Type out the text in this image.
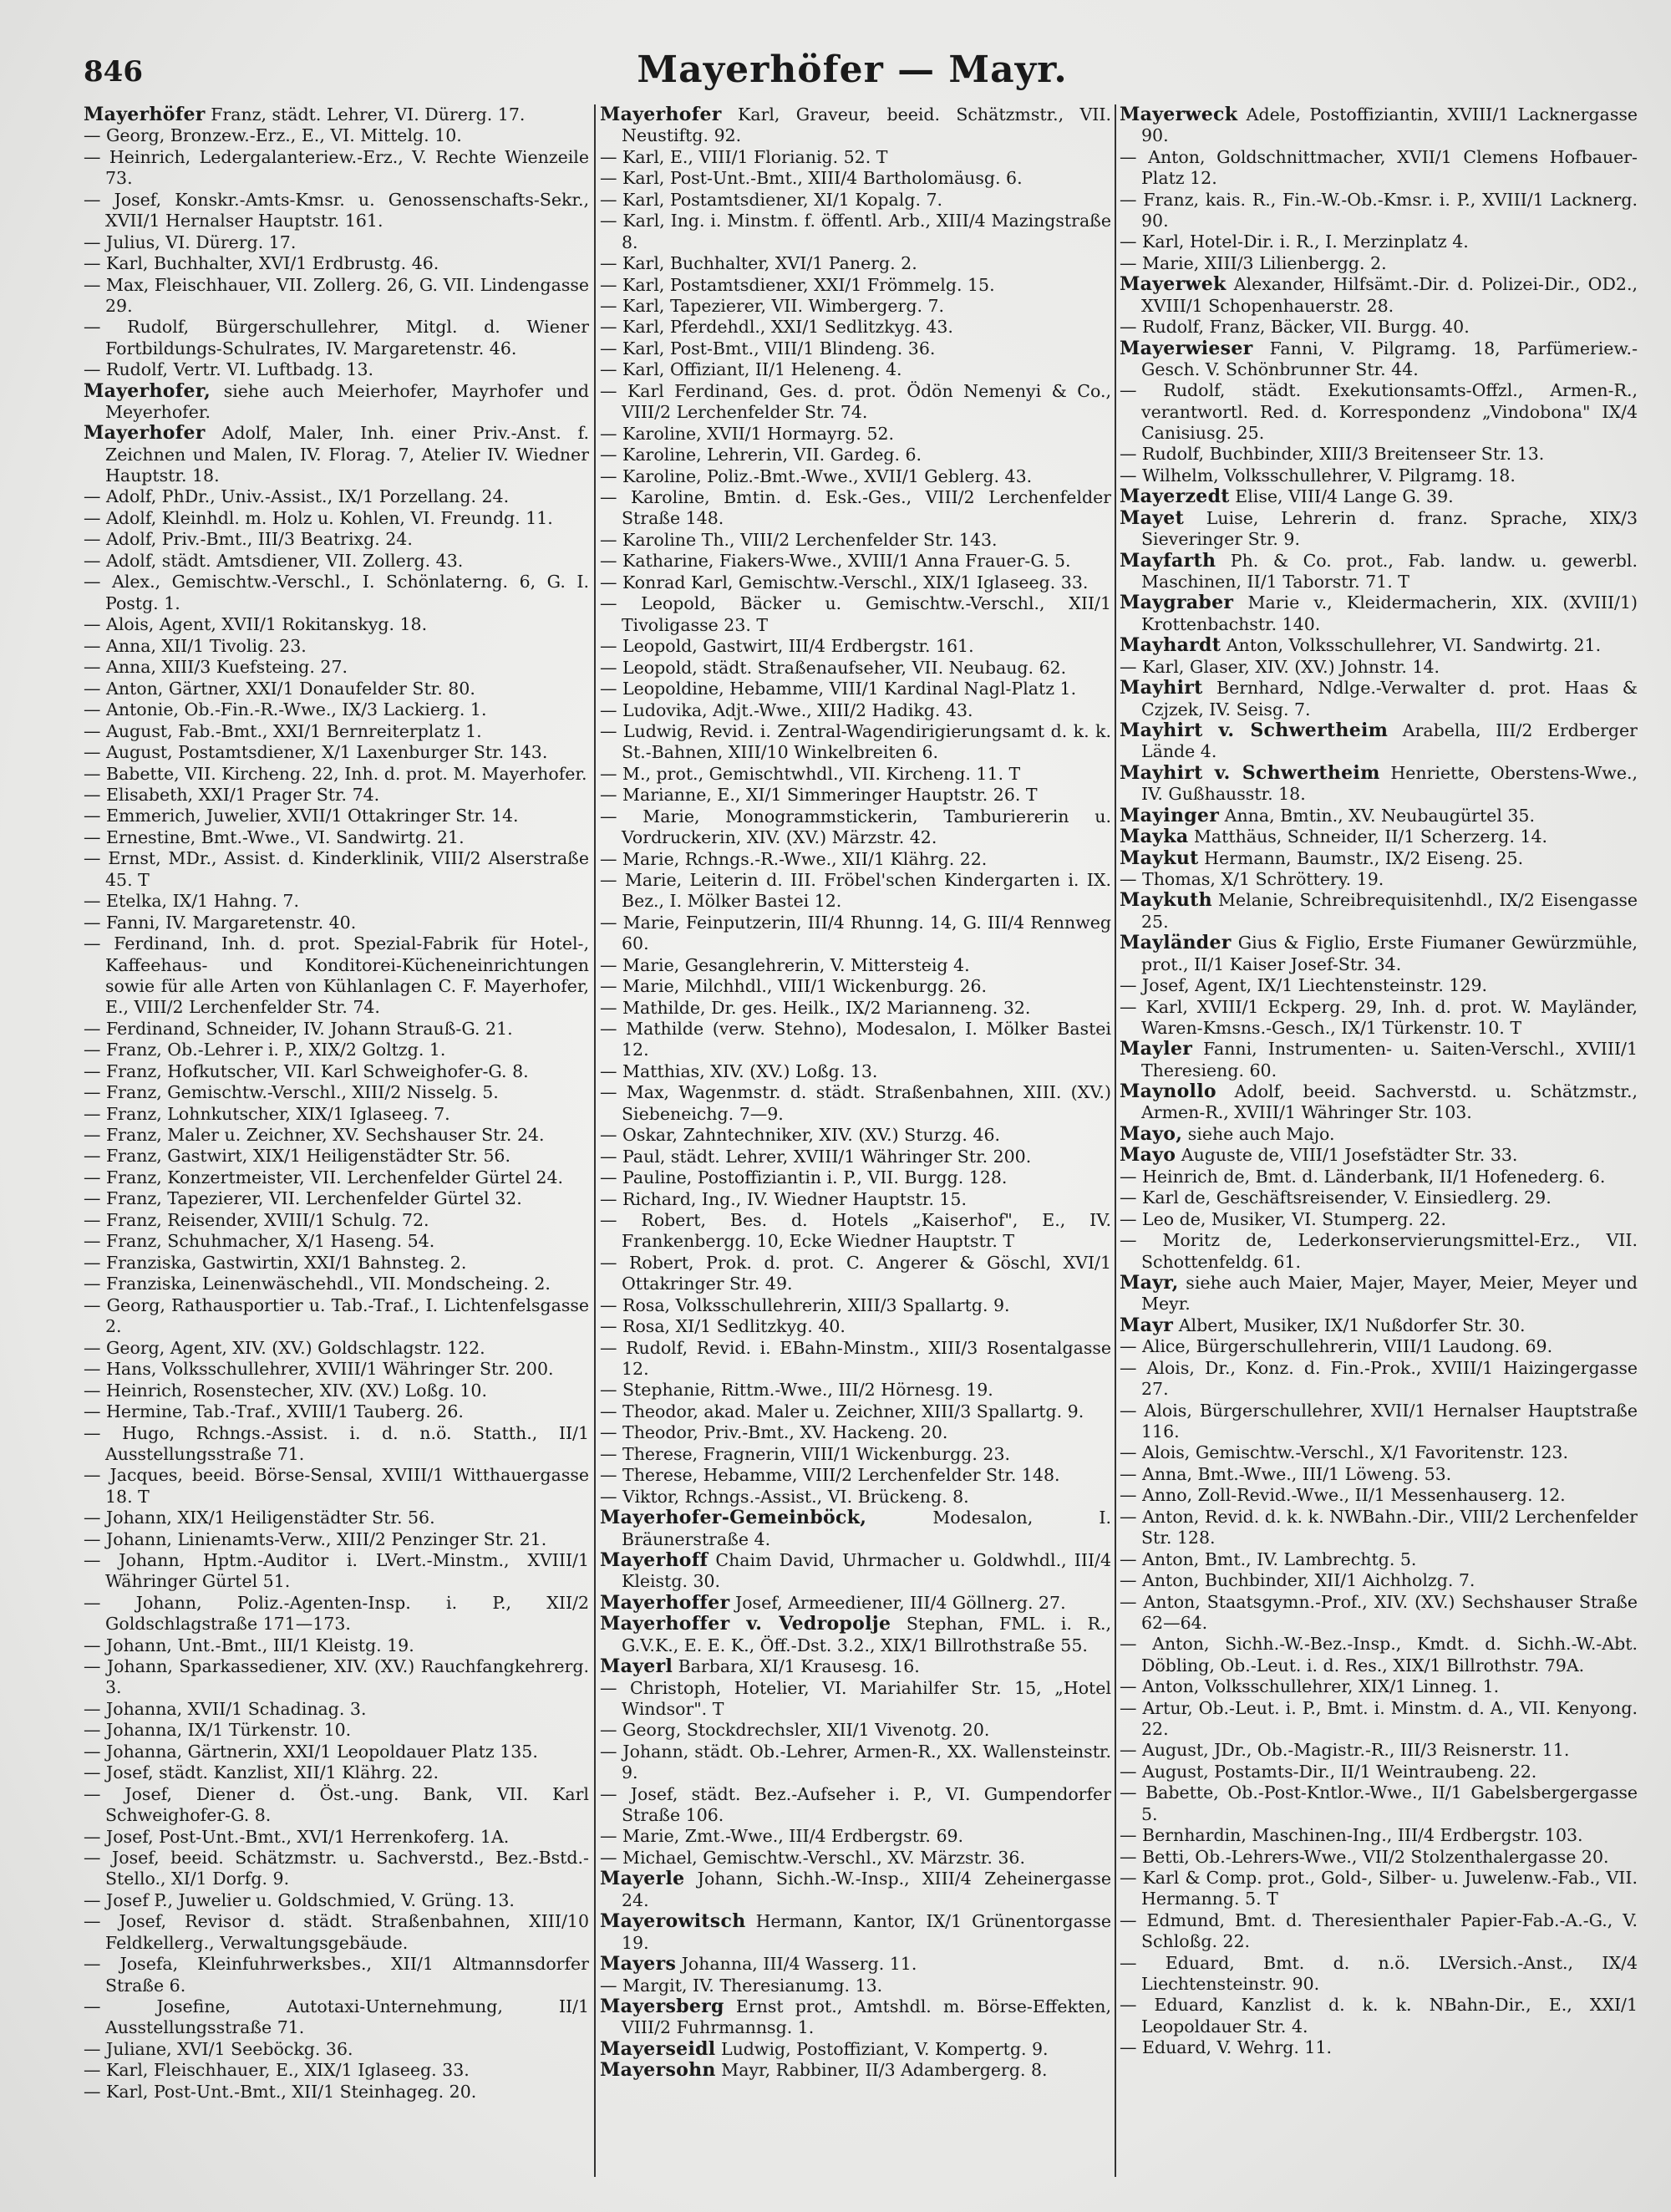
846	Mayerhöfer — Mayr.
Mayerhöfer Franz, städt. Lehrer, VI. Dürerg. 17.
— Georg, Bronzew.-Erz., E., VI. Mittelg. 10.
— Heinrich, Ledergalanteriew.-Erz., V. Rechte Wienzeile 73.
— Josef, Konskr.-Amts-Kmsr. u. Genossenschafts-Sekr., XVII/1 Hernalser Hauptstr. 161.
— Julius, VI. Dürerg. 17.
— Karl, Buchhalter, XVI/1 Erdbrustg. 46.
— Max, Fleischhauer, VII. Zollerg. 26, G. VII. Lindengasse 29.
— Rudolf, Bürgerschullehrer, Mitgl. d. Wiener Fortbildungs-Schulrates, IV. Margaretenstr. 46.
— Rudolf, Vertr. VI. Luftbadg. 13.
Mayerhofer, siehe auch Meierhofer, Mayrhofer und Meyerhofer.
Mayerhofer Adolf, Maler, Inh. einer Priv.-Anst. f. Zeichnen und Malen, IV. Florag. 7, Atelier IV. Wiedner Hauptstr. 18.
— Adolf, PhDr., Univ.-Assist., IX/1 Porzellang. 24.
— Adolf, Kleinhdl. m. Holz u. Kohlen, VI. Freundg. 11.
— Adolf, Priv.-Bmt., III/3 Beatrixg. 24.
— Adolf, städt. Amtsdiener, VII. Zollerg. 43.
— Alex., Gemischtw.-Verschl., I. Schönlaterng. 6, G. I. Postg. 1.
— Alois, Agent, XVII/1 Rokitanskyg. 18.
— Anna, XII/1 Tivolig. 23.
— Anna, XIII/3 Kuefsteing. 27.
— Anton, Gärtner, XXI/1 Donaufelder Str. 80.
— Antonie, Ob.-Fin.-R.-Wwe., IX/3 Lackierg. 1.
— August, Fab.-Bmt., XXI/1 Bernreiterplatz 1.
— August, Postamtsdiener, X/1 Laxenburger Str. 143.
— Babette, VII. Kircheng. 22, Inh. d. prot. M. Mayerhofer.
— Elisabeth, XXI/1 Prager Str. 74.
— Emmerich, Juwelier, XVII/1 Ottakringer Str. 14.
— Ernestine, Bmt.-Wwe., VI. Sandwirtg. 21.
— Ernst, MDr., Assist. d. Kinderklinik, VIII/2 Alserstraße 45. T
— Etelka, IX/1 Hahng. 7.
— Fanni, IV. Margaretenstr. 40.
— Ferdinand, Inh. d. prot. Spezial-Fabrik für Hotel-, Kaffeehaus- und Konditorei-Kücheneinrichtungen sowie für alle Arten von Kühlanlagen C. F. Mayerhofer, E., VIII/2 Lerchenfelder Str. 74.
— Ferdinand, Schneider, IV. Johann Strauß-G. 21.
— Franz, Ob.-Lehrer i. P., XIX/2 Goltzg. 1.
— Franz, Hofkutscher, VII. Karl Schweighofer-G. 8.
— Franz, Gemischtw.-Verschl., XIII/2 Nisselg. 5.
— Franz, Lohnkutscher, XIX/1 Iglaseeg. 7.
— Franz, Maler u. Zeichner, XV. Sechshauser Str. 24.
— Franz, Gastwirt, XIX/1 Heiligenstädter Str. 56.
— Franz, Konzertmeister, VII. Lerchenfelder Gürtel 24.
— Franz, Tapezierer, VII. Lerchenfelder Gürtel 32.
— Franz, Reisender, XVIII/1 Schulg. 72.
— Franz, Schuhmacher, X/1 Haseng. 54.
— Franziska, Gastwirtin, XXI/1 Bahnsteg. 2.
— Franziska, Leinenwäschehdl., VII. Mondscheing. 2.
— Georg, Rathausportier u. Tab.-Traf., I. Lichtenfelsgasse 2.
— Georg, Agent, XIV. (XV.) Goldschlagstr. 122.
— Hans, Volksschullehrer, XVIII/1 Währinger Str. 200.
— Heinrich, Rosenstecher, XIV. (XV.) Loßg. 10.
— Hermine, Tab.-Traf., XVIII/1 Tauberg. 26.
— Hugo, Rchngs.-Assist. i. d. n.ö. Statth., II/1 Ausstellungsstraße 71.
— Jacques, beeid. Börse-Sensal, XVIII/1 Witthauergasse 18. T
— Johann, XIX/1 Heiligenstädter Str. 56.
— Johann, Linienamts-Verw., XIII/2 Penzinger Str. 21.
— Johann, Hptm.-Auditor i. LVert.-Minstm., XVIII/1 Währinger Gürtel 51.
— Johann, Poliz.-Agenten-Insp. i. P., XII/2 Goldschlagstraße 171—173.
— Johann, Unt.-Bmt., III/1 Kleistg. 19.
— Johann, Sparkassediener, XIV. (XV.) Rauchfangkehrerg. 3.
— Johanna, XVII/1 Schadinag. 3.
— Johanna, IX/1 Türkenstr. 10.
— Johanna, Gärtnerin, XXI/1 Leopoldauer Platz 135.
— Josef, städt. Kanzlist, XII/1 Klährg. 22.
— Josef, Diener d. Öst.-ung. Bank, VII. Karl Schweighofer-G. 8.
— Josef, Post-Unt.-Bmt., XVI/1 Herrenkoferg. 1A.
— Josef, beeid. Schätzmstr. u. Sachverstd., Bez.-Bstd.-Stello., XI/1 Dorfg. 9.
— Josef P., Juwelier u. Goldschmied, V. Grüng. 13.
— Josef, Revisor d. städt. Straßenbahnen, XIII/10 Feldkellerg., Verwaltungsgebäude.
— Josefa, Kleinfuhrwerksbes., XII/1 Altmannsdorfer Straße 6.
— Josefine, Autotaxi-Unternehmung, II/1 Ausstellungsstraße 71.
— Juliane, XVI/1 Seeböckg. 36.
— Karl, Fleischhauer, E., XIX/1 Iglaseeg. 33.
— Karl, Post-Unt.-Bmt., XII/1 Steinhageg. 20.
Mayerhofer Karl, Graveur, beeid. Schätzmstr., VII. Neustiftg. 92.
— Karl, E., VIII/1 Florianig. 52. T
— Karl, Post-Unt.-Bmt., XIII/4 Bartholomäusg. 6.
— Karl, Postamtsdiener, XI/1 Kopalg. 7.
— Karl, Ing. i. Minstm. f. öffentl. Arb., XIII/4 Mazingstraße 8.
— Karl, Buchhalter, XVI/1 Panerg. 2.
— Karl, Postamtsdiener, XXI/1 Frömmelg. 15.
— Karl, Tapezierer, VII. Wimbergerg. 7.
— Karl, Pferdehdl., XXI/1 Sedlitzkyg. 43.
— Karl, Post-Bmt., VIII/1 Blindeng. 36.
— Karl, Offiziant, II/1 Heleneng. 4.
— Karl Ferdinand, Ges. d. prot. Ödön Nemenyi & Co., VIII/2 Lerchenfelder Str. 74.
— Karoline, XVII/1 Hormayrg. 52.
— Karoline, Lehrerin, VII. Gardeg. 6.
— Karoline, Poliz.-Bmt.-Wwe., XVII/1 Geblerg. 43.
— Karoline, Bmtin. d. Esk.-Ges., VIII/2 Lerchenfelder Straße 148.
— Karoline Th., VIII/2 Lerchenfelder Str. 143.
— Katharine, Fiakers-Wwe., XVIII/1 Anna Frauer-G. 5.
— Konrad Karl, Gemischtw.-Verschl., XIX/1 Iglaseeg. 33.
— Leopold, Bäcker u. Gemischtw.-Verschl., XII/1 Tivoligasse 23. T
— Leopold, Gastwirt, III/4 Erdbergstr. 161.
— Leopold, städt. Straßenaufseher, VII. Neubaug. 62.
— Leopoldine, Hebamme, VIII/1 Kardinal Nagl-Platz 1.
— Ludovika, Adjt.-Wwe., XIII/2 Hadikg. 43.
— Ludwig, Revid. i. Zentral-Wagendirigierungsamt d. k. k. St.-Bahnen, XIII/10 Winkelbreiten 6.
— M., prot., Gemischtwhdl., VII. Kircheng. 11. T
— Marianne, E., XI/1 Simmeringer Hauptstr. 26. T
— Marie, Monogrammstickerin, Tamburiererin u. Vordruckerin, XIV. (XV.) Märzstr. 42.
— Marie, Rchngs.-R.-Wwe., XII/1 Klährg. 22.
— Marie, Leiterin d. III. Fröbel'schen Kindergarten i. IX. Bez., I. Mölker Bastei 12.
— Marie, Feinputzerin, III/4 Rhunng. 14, G. III/4 Rennweg 60.
— Marie, Gesanglehrerin, V. Mittersteig 4.
— Marie, Milchhdl., VIII/1 Wickenburgg. 26.
— Mathilde, Dr. ges. Heilk., IX/2 Marianneng. 32.
— Mathilde (verw. Stehno), Modesalon, I. Mölker Bastei 12.
— Matthias, XIV. (XV.) Loßg. 13.
— Max, Wagenmstr. d. städt. Straßenbahnen, XIII. (XV.) Siebeneichg. 7—9.
— Oskar, Zahntechniker, XIV. (XV.) Sturzg. 46.
— Paul, städt. Lehrer, XVIII/1 Währinger Str. 200.
— Pauline, Postoffiziantin i. P., VII. Burgg. 128.
— Richard, Ing., IV. Wiedner Hauptstr. 15.
— Robert, Bes. d. Hotels „Kaiserhof", E., IV. Frankenbergg. 10, Ecke Wiedner Hauptstr. T
— Robert, Prok. d. prot. C. Angerer & Göschl, XVI/1 Ottakringer Str. 49.
— Rosa, Volksschullehrerin, XIII/3 Spallartg. 9.
— Rosa, XI/1 Sedlitzkyg. 40.
— Rudolf, Revid. i. EBahn-Minstm., XIII/3 Rosentalgasse 12.
— Stephanie, Rittm.-Wwe., III/2 Hörnesg. 19.
— Theodor, akad. Maler u. Zeichner, XIII/3 Spallartg. 9.
— Theodor, Priv.-Bmt., XV. Hackeng. 20.
— Therese, Fragnerin, VIII/1 Wickenburgg. 23.
— Therese, Hebamme, VIII/2 Lerchenfelder Str. 148.
— Viktor, Rchngs.-Assist., VI. Brückeng. 8.
Mayerhofer-Gemeinböck, Modesalon, I. Bräunerstraße 4.
Mayerhoff Chaim David, Uhrmacher u. Goldwhdl., III/4 Kleistg. 30.
Mayerhoffer Josef, Armeediener, III/4 Göllnerg. 27.
Mayerhoffer v. Vedropolje Stephan, FML. i. R., G.V.K., E. E. K., Öff.-Dst. 3.2., XIX/1 Billrothstraße 55.
Mayerl Barbara, XI/1 Krausesg. 16.
— Christoph, Hotelier, VI. Mariahilfer Str. 15, „Hotel Windsor". T
— Georg, Stockdrechsler, XII/1 Vivenotg. 20.
— Johann, städt. Ob.-Lehrer, Armen-R., XX. Wallensteinstr. 9.
— Josef, städt. Bez.-Aufseher i. P., VI. Gumpendorfer Straße 106.
— Marie, Zmt.-Wwe., III/4 Erdbergstr. 69.
— Michael, Gemischtw.-Verschl., XV. Märzstr. 36.
Mayerle Johann, Sichh.-W.-Insp., XIII/4 Zeheinergasse 24.
Mayerowitsch Hermann, Kantor, IX/1 Grünentorgasse 19.
Mayers Johanna, III/4 Wasserg. 11.
— Margit, IV. Theresianumg. 13.
Mayersberg Ernst prot., Amtshdl. m. Börse-Effekten, VIII/2 Fuhrmannsg. 1.
Mayerseidl Ludwig, Postoffiziant, V. Kompertg. 9.
Mayersohn Mayr, Rabbiner, II/3 Adambergerg. 8.
Mayerweck Adele, Postoffiziantin, XVIII/1 Lacknergasse 90.
— Anton, Goldschnittmacher, XVII/1 Clemens Hofbauer-Platz 12.
— Franz, kais. R., Fin.-W.-Ob.-Kmsr. i. P., XVIII/1 Lacknerg. 90.
— Karl, Hotel-Dir. i. R., I. Merzinplatz 4.
— Marie, XIII/3 Lilienbergg. 2.
Mayerwek Alexander, Hilfsämt.-Dir. d. Polizei-Dir., OD2., XVIII/1 Schopenhauerstr. 28.
— Rudolf, Franz, Bäcker, VII. Burgg. 40.
Mayerwieser Fanni, V. Pilgramg. 18, Parfümeriew.-Gesch. V. Schönbrunner Str. 44.
— Rudolf, städt. Exekutionsamts-Offzl., Armen-R., verantwortl. Red. d. Korrespondenz „Vindobona" IX/4 Canisiusg. 25.
— Rudolf, Buchbinder, XIII/3 Breitenseer Str. 13.
— Wilhelm, Volksschullehrer, V. Pilgramg. 18.
Mayerzedt Elise, VIII/4 Lange G. 39.
Mayet Luise, Lehrerin d. franz. Sprache, XIX/3 Sieveringer Str. 9.
Mayfarth Ph. & Co. prot., Fab. landw. u. gewerbl. Maschinen, II/1 Taborstr. 71. T
Maygraber Marie v., Kleidermacherin, XIX. (XVIII/1) Krottenbachstr. 140.
Mayhardt Anton, Volksschullehrer, VI. Sandwirtg. 21.
— Karl, Glaser, XIV. (XV.) Johnstr. 14.
Mayhirt Bernhard, Ndlge.-Verwalter d. prot. Haas & Czjzek, IV. Seisg. 7.
Mayhirt v. Schwertheim Arabella, III/2 Erdberger Lände 4.
Mayhirt v. Schwertheim Henriette, Oberstens-Wwe., IV. Gußhausstr. 18.
Mayinger Anna, Bmtin., XV. Neubaugürtel 35.
Mayka Matthäus, Schneider, II/1 Scherzerg. 14.
Maykut Hermann, Baumstr., IX/2 Eiseng. 25.
— Thomas, X/1 Schröttery. 19.
Maykuth Melanie, Schreibrequisitenhdl., IX/2 Eisengasse 25.
Mayländer Gius & Figlio, Erste Fiumaner Gewürzmühle, prot., II/1 Kaiser Josef-Str. 34.
— Josef, Agent, IX/1 Liechtensteinstr. 129.
— Karl, XVIII/1 Eckperg. 29, Inh. d. prot. W. Mayländer, Waren-Kmsns.-Gesch., IX/1 Türkenstr. 10. T
Mayler Fanni, Instrumenten- u. Saiten-Verschl., XVIII/1 Theresieng. 60.
Maynollo Adolf, beeid. Sachverstd. u. Schätzmstr., Armen-R., XVIII/1 Währinger Str. 103.
Mayo, siehe auch Majo.
Mayo Auguste de, VIII/1 Josefstädter Str. 33.
— Heinrich de, Bmt. d. Länderbank, II/1 Hofenederg. 6.
— Karl de, Geschäftsreisender, V. Einsiedlerg. 29.
— Leo de, Musiker, VI. Stumperg. 22.
— Moritz de, Lederkonservierungsmittel-Erz., VII. Schottenfeldg. 61.
Mayr, siehe auch Maier, Majer, Mayer, Meier, Meyer und Meyr.
Mayr Albert, Musiker, IX/1 Nußdorfer Str. 30.
— Alice, Bürgerschullehrerin, VIII/1 Laudong. 69.
— Alois, Dr., Konz. d. Fin.-Prok., XVIII/1 Haizingergasse 27.
— Alois, Bürgerschullehrer, XVII/1 Hernalser Hauptstraße 116.
— Alois, Gemischtw.-Verschl., X/1 Favoritenstr. 123.
— Anna, Bmt.-Wwe., III/1 Löweng. 53.
— Anno, Zoll-Revid.-Wwe., II/1 Messenhauserg. 12.
— Anton, Revid. d. k. k. NWBahn.-Dir., VIII/2 Lerchenfelder Str. 128.
— Anton, Bmt., IV. Lambrechtg. 5.
— Anton, Buchbinder, XII/1 Aichholzg. 7.
— Anton, Staatsgymn.-Prof., XIV. (XV.) Sechshauser Straße 62—64.
— Anton, Sichh.-W.-Bez.-Insp., Kmdt. d. Sichh.-W.-Abt. Döbling, Ob.-Leut. i. d. Res., XIX/1 Billrothstr. 79A.
— Anton, Volksschullehrer, XIX/1 Linneg. 1.
— Artur, Ob.-Leut. i. P., Bmt. i. Minstm. d. A., VII. Kenyong. 22.
— August, JDr., Ob.-Magistr.-R., III/3 Reisnerstr. 11.
— August, Postamts-Dir., II/1 Weintraubeng. 22.
— Babette, Ob.-Post-Kntlor.-Wwe., II/1 Gabelsbergergasse 5.
— Bernhardin, Maschinen-Ing., III/4 Erdbergstr. 103.
— Betti, Ob.-Lehrers-Wwe., VII/2 Stolzenthalergasse 20.
— Karl & Comp. prot., Gold-, Silber- u. Juwelenw.-Fab., VII. Hermanng. 5. T
— Edmund, Bmt. d. Theresienthaler Papier-Fab.-A.-G., V. Schloßg. 22.
— Eduard, Bmt. d. n.ö. LVersich.-Anst., IX/4 Liechtensteinstr. 90.
— Eduard, Kanzlist d. k. k. NBahn-Dir., E., XXI/1 Leopoldauer Str. 4.
— Eduard, V. Wehrg. 11.
